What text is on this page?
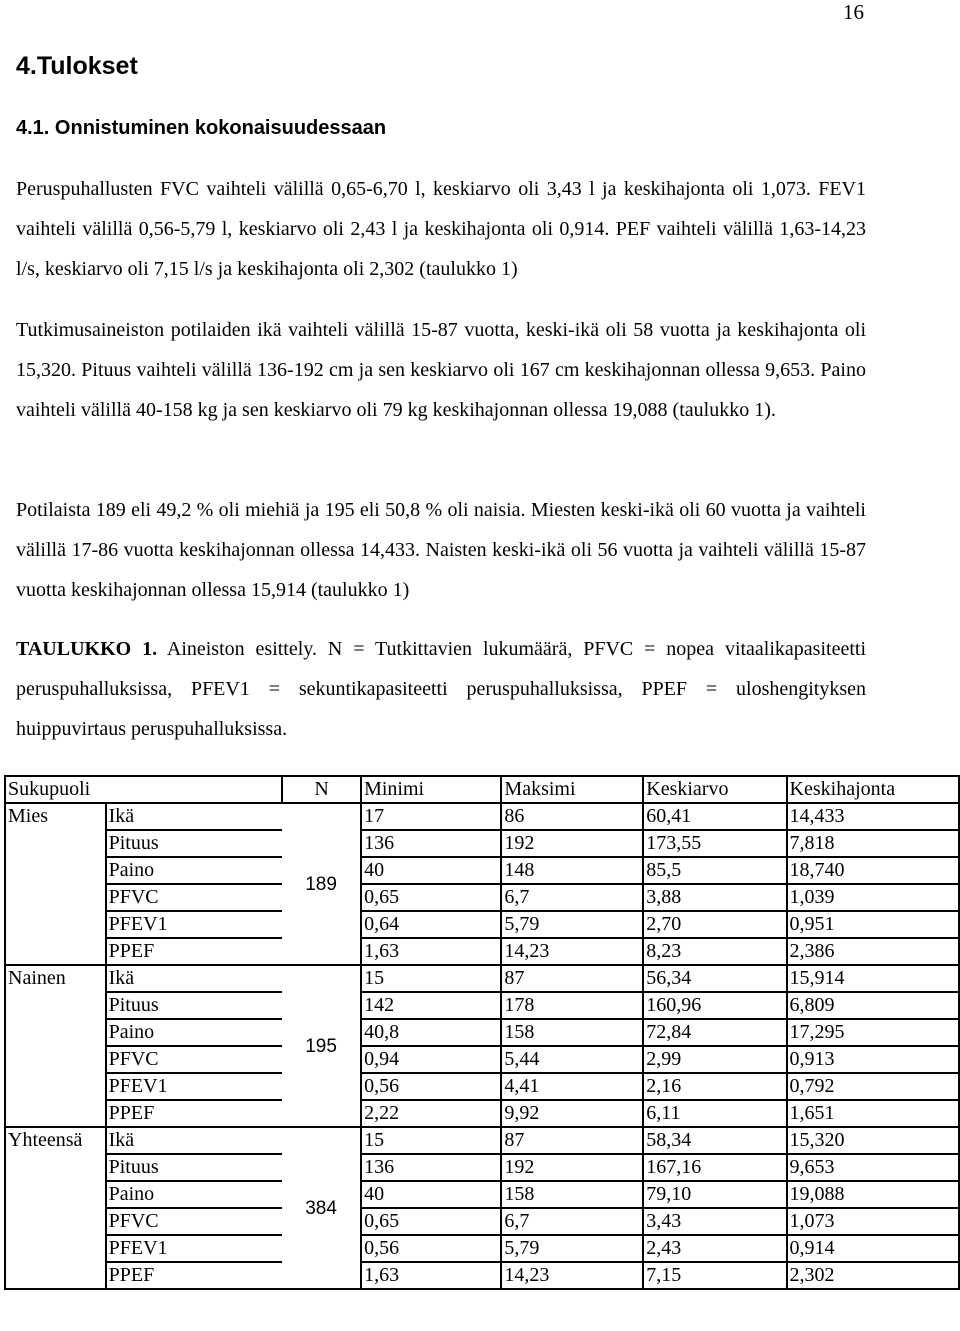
16
4.Tulokset
4.1. Onnistuminen kokonaisuudessaan

Peruspuhallusten FVC vaihteli välillä 0,65-6,70 l, keskiarvo oli 3,43 l ja keskihajonta oli 1,073. FEV1 vaihteli välillä 0,56-5,79 l, keskiarvo oli 2,43 l ja keskihajonta oli 0,914. PEF vaihteli välillä 1,63-14,23 l/s, keskiarvo oli 7,15 l/s ja keskihajonta oli 2,302 (taulukko 1)

Tutkimusaineiston potilaiden ikä vaihteli välillä 15-87 vuotta, keski-ikä oli 58 vuotta ja keskihajonta oli 15,320. Pituus vaihteli välillä 136-192 cm ja sen keskiarvo oli 167 cm keskihajonnan ollessa 9,653. Paino vaihteli välillä 40-158 kg ja sen keskiarvo oli 79 kg keskihajonnan ollessa 19,088 (taulukko 1).

Potilaista 189 eli 49,2 % oli miehiä ja 195 eli 50,8 % oli naisia. Miesten keski-ikä oli 60 vuotta ja vaihteli välillä 17-86 vuotta keskihajonnan ollessa 14,433. Naisten keski-ikä oli 56 vuotta ja vaihteli välillä 15-87 vuotta keskihajonnan ollessa 15,914 (taulukko 1)

TAULUKKO 1. Aineiston esittely. N = Tutkittavien lukumäärä, PFVC = nopea vitaalikapasiteetti peruspuhalluksissa, PFEV1 = sekuntikapasiteetti peruspuhalluksissa, PPEF = uloshengityksen huippuvirtaus peruspuhalluksissa.

Sukupuoli		N	Minimi	Maksimi	Keskiarvo	Keskihajonta
Mies	Ikä	189	17	86	60,41	14,433
	Pituus		136	192	173,55	7,818
	Paino		40	148	85,5	18,740
	PFVC		0,65	6,7	3,88	1,039
	PFEV1		0,64	5,79	2,70	0,951
	PPEF		1,63	14,23	8,23	2,386
Nainen	Ikä	195	15	87	56,34	15,914
	Pituus		142	178	160,96	6,809
	Paino		40,8	158	72,84	17,295
	PFVC		0,94	5,44	2,99	0,913
	PFEV1		0,56	4,41	2,16	0,792
	PPEF		2,22	9,92	6,11	1,651
Yhteensä	Ikä	384	15	87	58,34	15,320
	Pituus		136	192	167,16	9,653
	Paino		40	158	79,10	19,088
	PFVC		0,65	6,7	3,43	1,073
	PFEV1		0,56	5,79	2,43	0,914
	PPEF		1,63	14,23	7,15	2,302
